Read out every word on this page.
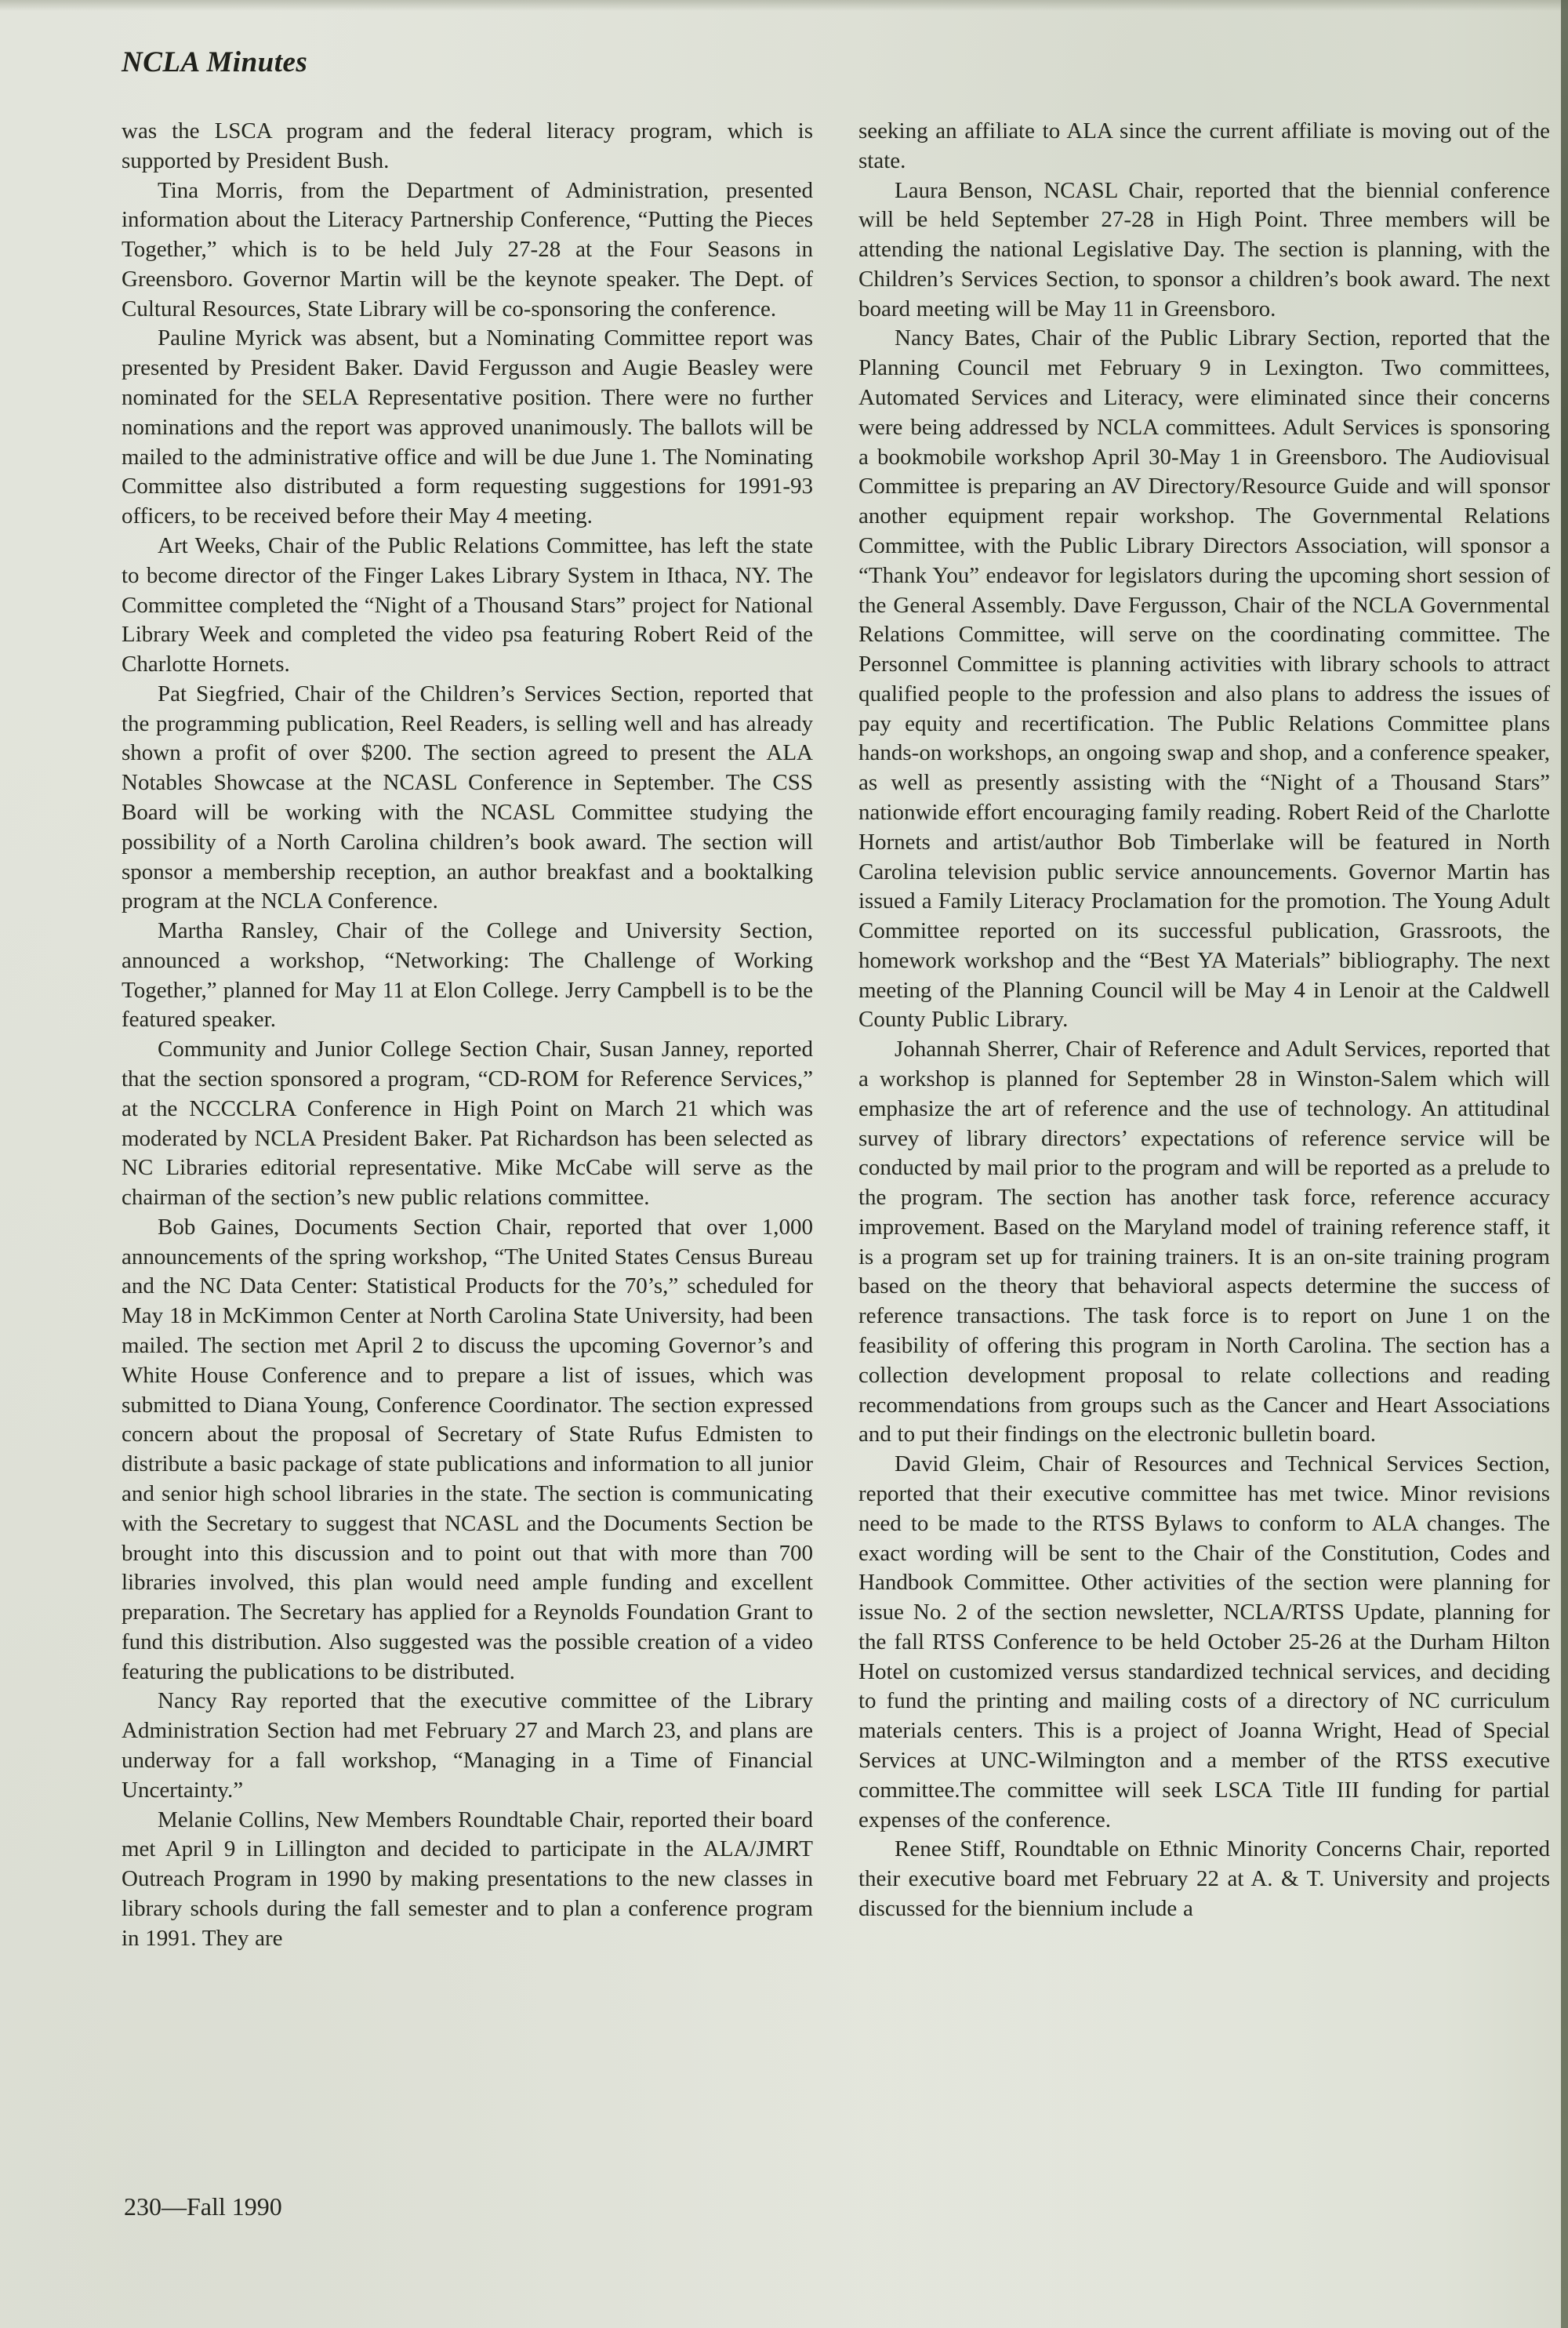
NCLA Minutes

was the LSCA program and the federal literacy program, which is supported by President Bush.

Tina Morris, from the Department of Administration, presented information about the Literacy Partnership Conference, “Putting the Pieces Together,” which is to be held July 27-28 at the Four Seasons in Greensboro. Governor Martin will be the keynote speaker. The Dept. of Cultural Resources, State Library will be co-sponsoring the conference.

Pauline Myrick was absent, but a Nominating Committee report was presented by President Baker. David Fergusson and Augie Beasley were nominated for the SELA Representative position. There were no further nominations and the report was approved unanimously. The ballots will be mailed to the administrative office and will be due June 1. The Nominating Committee also distributed a form requesting suggestions for 1991-93 officers, to be received before their May 4 meeting.

Art Weeks, Chair of the Public Relations Committee, has left the state to become director of the Finger Lakes Library System in Ithaca, NY. The Committee completed the “Night of a Thousand Stars” project for National Library Week and completed the video psa featuring Robert Reid of the Charlotte Hornets.

Pat Siegfried, Chair of the Children’s Services Section, reported that the programming publication, Reel Readers, is selling well and has already shown a profit of over $200. The section agreed to present the ALA Notables Showcase at the NCASL Conference in September. The CSS Board will be working with the NCASL Committee studying the possibility of a North Carolina children’s book award. The section will sponsor a membership reception, an author breakfast and a booktalking program at the NCLA Conference.

Martha Ransley, Chair of the College and University Section, announced a workshop, “Networking: The Challenge of Working Together,” planned for May 11 at Elon College. Jerry Campbell is to be the featured speaker.

Community and Junior College Section Chair, Susan Janney, reported that the section sponsored a program, “CD-ROM for Reference Services,” at the NCCCLRA Conference in High Point on March 21 which was moderated by NCLA President Baker. Pat Richardson has been selected as NC Libraries editorial representative. Mike McCabe will serve as the chairman of the section’s new public relations committee.

Bob Gaines, Documents Section Chair, reported that over 1,000 announcements of the spring workshop, “The United States Census Bureau and the NC Data Center: Statistical Products for the 70’s,” scheduled for May 18 in McKimmon Center at North Carolina State University, had been mailed. The section met April 2 to discuss the upcoming Governor’s and White House Conference and to prepare a list of issues, which was submitted to Diana Young, Conference Coordinator. The section expressed concern about the proposal of Secretary of State Rufus Edmisten to distribute a basic package of state publications and information to all junior and senior high school libraries in the state. The section is communicating with the Secretary to suggest that NCASL and the Documents Section be brought into this discussion and to point out that with more than 700 libraries involved, this plan would need ample funding and excellent preparation. The Secretary has applied for a Reynolds Foundation Grant to fund this distribution. Also suggested was the possible creation of a video featuring the publications to be distributed.

Nancy Ray reported that the executive committee of the Library Administration Section had met February 27 and March 23, and plans are underway for a fall workshop, “Managing in a Time of Financial Uncertainty.”

Melanie Collins, New Members Roundtable Chair, reported their board met April 9 in Lillington and decided to participate in the ALA/JMRT Outreach Program in 1990 by making presentations to the new classes in library schools during the fall semester and to plan a conference program in 1991. They are

seeking an affiliate to ALA since the current affiliate is moving out of the state.

Laura Benson, NCASL Chair, reported that the biennial conference will be held September 27-28 in High Point. Three members will be attending the national Legislative Day. The section is planning, with the Children’s Services Section, to sponsor a children’s book award. The next board meeting will be May 11 in Greensboro.

Nancy Bates, Chair of the Public Library Section, reported that the Planning Council met February 9 in Lexington. Two committees, Automated Services and Literacy, were eliminated since their concerns were being addressed by NCLA committees. Adult Services is sponsoring a bookmobile workshop April 30-May 1 in Greensboro. The Audiovisual Committee is preparing an AV Directory/Resource Guide and will sponsor another equipment repair workshop. The Governmental Relations Committee, with the Public Library Directors Association, will sponsor a “Thank You” endeavor for legislators during the upcoming short session of the General Assembly. Dave Fergusson, Chair of the NCLA Governmental Relations Committee, will serve on the coordinating committee. The Personnel Committee is planning activities with library schools to attract qualified people to the profession and also plans to address the issues of pay equity and recertification. The Public Relations Committee plans hands-on workshops, an ongoing swap and shop, and a conference speaker, as well as presently assisting with the “Night of a Thousand Stars” nationwide effort encouraging family reading. Robert Reid of the Charlotte Hornets and artist/author Bob Timberlake will be featured in North Carolina television public service announcements. Governor Martin has issued a Family Literacy Proclamation for the promotion. The Young Adult Committee reported on its successful publication, Grassroots, the homework workshop and the “Best YA Materials” bibliography. The next meeting of the Planning Council will be May 4 in Lenoir at the Caldwell County Public Library.

Johannah Sherrer, Chair of Reference and Adult Services, reported that a workshop is planned for September 28 in Winston-Salem which will emphasize the art of reference and the use of technology. An attitudinal survey of library directors’ expectations of reference service will be conducted by mail prior to the program and will be reported as a prelude to the program. The section has another task force, reference accuracy improvement. Based on the Maryland model of training reference staff, it is a program set up for training trainers. It is an on-site training program based on the theory that behavioral aspects determine the success of reference transactions. The task force is to report on June 1 on the feasibility of offering this program in North Carolina. The section has a collection development proposal to relate collections and reading recommendations from groups such as the Cancer and Heart Associations and to put their findings on the electronic bulletin board.

David Gleim, Chair of Resources and Technical Services Section, reported that their executive committee has met twice. Minor revisions need to be made to the RTSS Bylaws to conform to ALA changes. The exact wording will be sent to the Chair of the Constitution, Codes and Handbook Committee. Other activities of the section were planning for issue No. 2 of the section newsletter, NCLA/RTSS Update, planning for the fall RTSS Conference to be held October 25-26 at the Durham Hilton Hotel on customized versus standardized technical services, and deciding to fund the printing and mailing costs of a directory of NC curriculum materials centers. This is a project of Joanna Wright, Head of Special Services at UNC-Wilmington and a member of the RTSS executive committee.The committee will seek LSCA Title III funding for partial expenses of the conference.

Renee Stiff, Roundtable on Ethnic Minority Concerns Chair, reported their executive board met February 22 at A. & T. University and projects discussed for the biennium include a

230—Fall 1990
